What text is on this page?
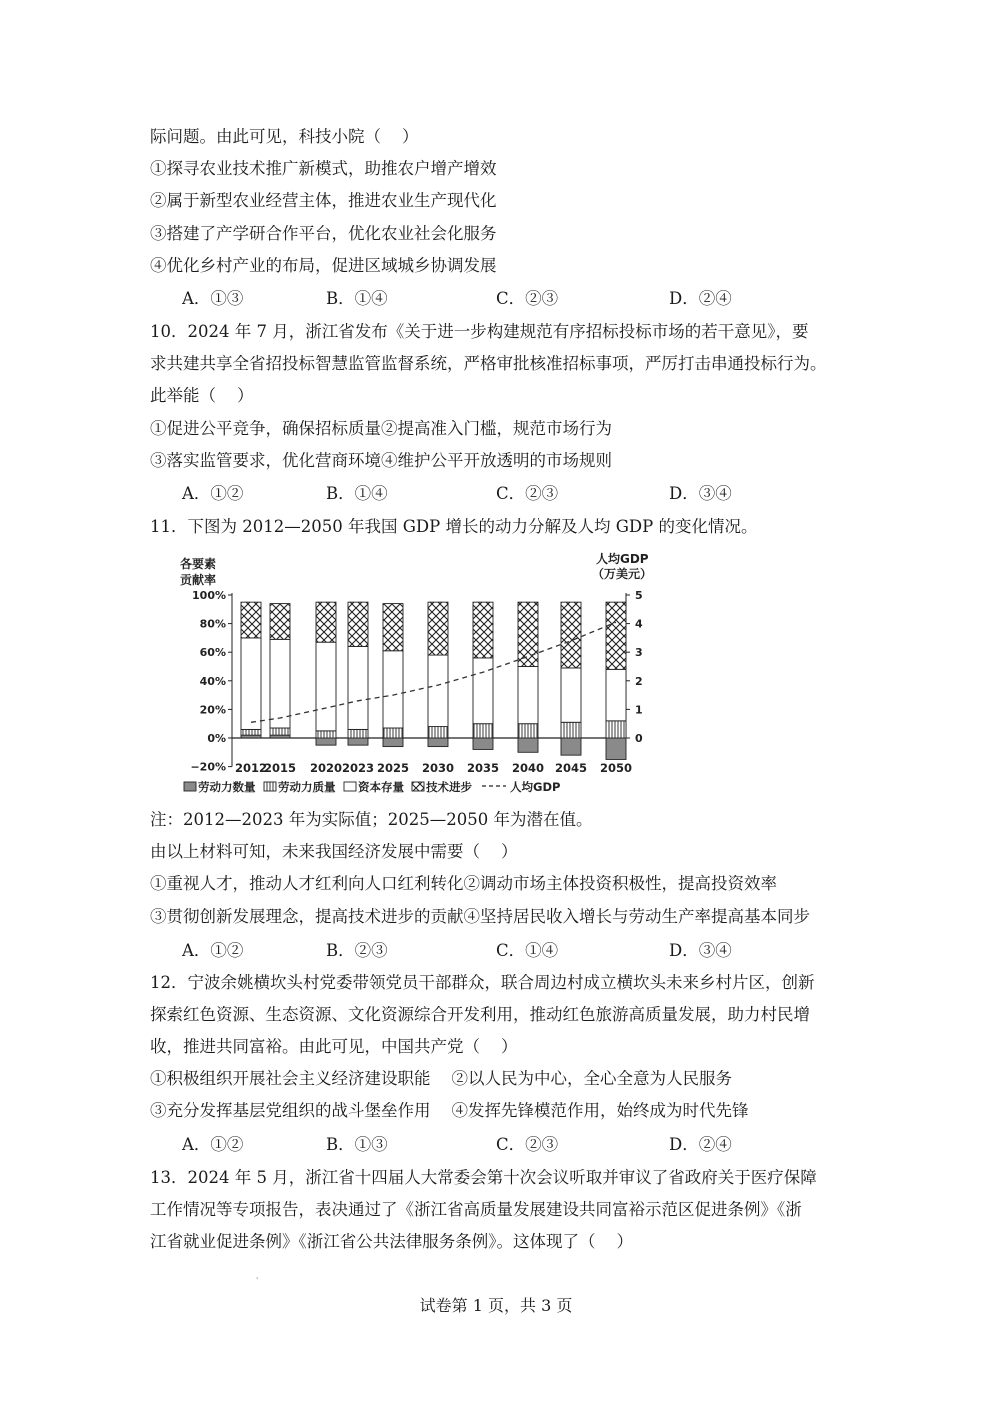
际问题。由此可见，科技小院（    ）
①探寻农业技术推广新模式，助推农户增产增效
②属于新型农业经营主体，推进农业生产现代化
③搭建了产学研合作平台，优化农业社会化服务
④优化乡村产业的布局，促进区域城乡协调发展
A．①③	B．①④	C．②③	D．②④
10．2024 年 7 月，浙江省发布《关于进一步构建规范有序招标投标市场的若干意见》，要
求共建共享全省招投标智慧监管监督系统，严格审批核准招标事项，严厉打击串通投标行为。
此举能（    ）
①促进公平竞争，确保招标质量②提高准入门槛，规范市场行为
③落实监管要求，优化营商环境④维护公平开放透明的市场规则
A．①②	B．①④	C．②③	D．③④
11．下图为 2012—2050 年我国 GDP 增长的动力分解及人均 GDP 的变化情况。
各要素
贡献率
人均GDP
（万美元）
100%
80%
60%
40%
20%
0%
−20%
5
4
3
2
1
0
2012
2015 2020 2023 2025 2030 2035 2040 2045 2050
劳动力数量 劳动力质量 资本存量 技术进步	人均GDP
注：2012—2023 年为实际值；2025—2050 年为潜在值。
由以上材料可知，未来我国经济发展中需要（    ）
①重视人才，推动人才红利向人口红利转化②调动市场主体投资积极性，提高投资效率
③贯彻创新发展理念，提高技术进步的贡献④坚持居民收入增长与劳动生产率提高基本同步
A．①②	B．②③	C．①④	D．③④
12．宁波余姚横坎头村党委带领党员干部群众，联合周边村成立横坎头未来乡村片区，创新
探索红色资源、生态资源、文化资源综合开发利用，推动红色旅游高质量发展，助力村民增
收，推进共同富裕。由此可见，中国共产党（    ）
①积极组织开展社会主义经济建设职能    ②以人民为中心，全心全意为人民服务
③充分发挥基层党组织的战斗堡垒作用    ④发挥先锋模范作用，始终成为时代先锋
A．①②	B．①③	C．②③	D．②④
13．2024 年 5 月，浙江省十四届人大常委会第十次会议听取并审议了省政府关于医疗保障
工作情况等专项报告，表决通过了《浙江省高质量发展建设共同富裕示范区促进条例》《浙
江省就业促进条例》《浙江省公共法律服务条例》。这体现了（    ）
'
试卷第 1 页，共 3 页
